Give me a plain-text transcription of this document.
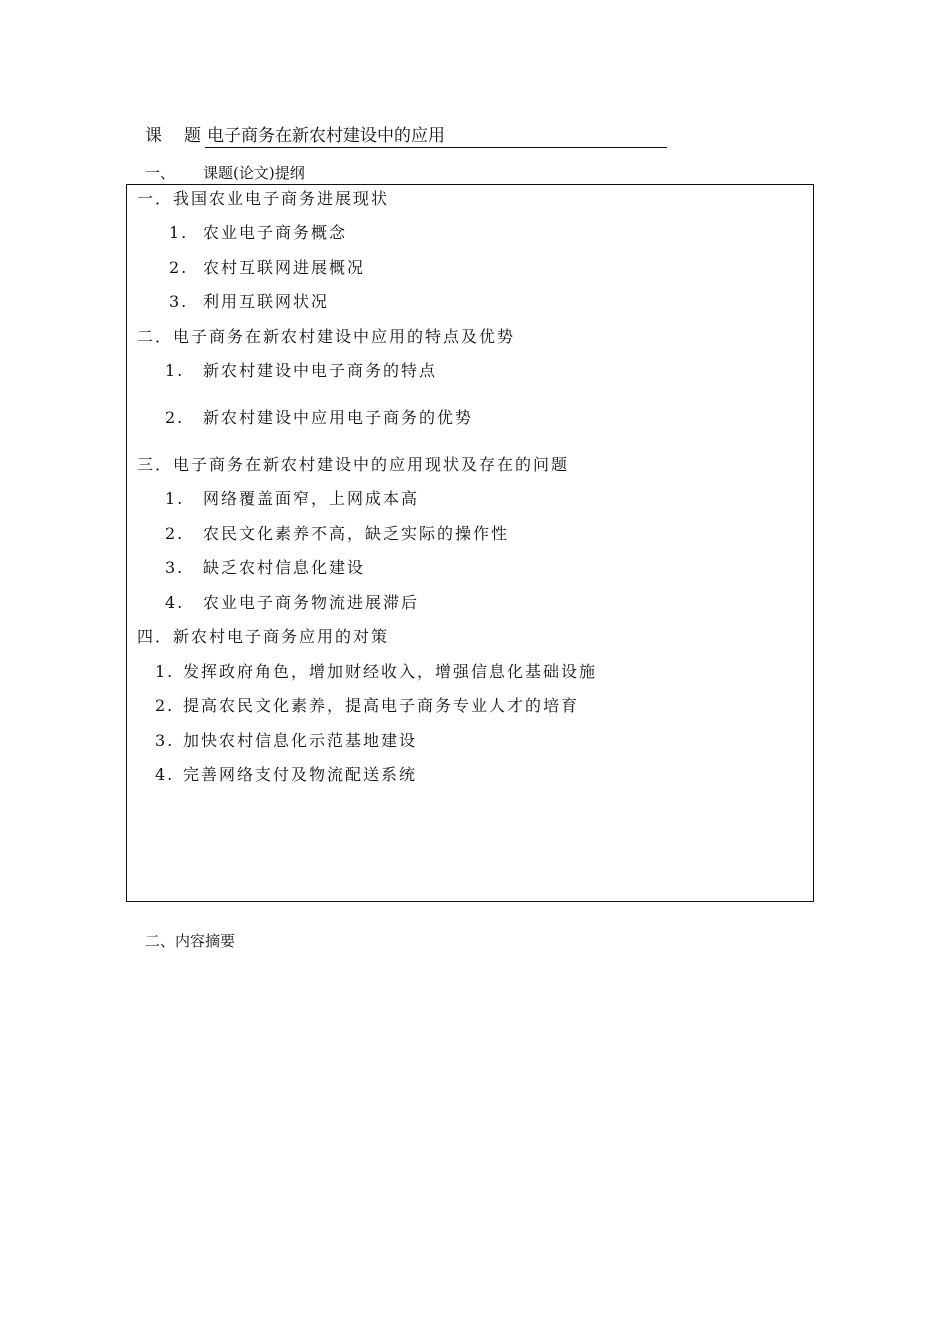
课 题 电子商务在新农村建设中的应用
一、 课题(论文)提纲
一．我国农业电子商务进展现状
1. 农业电子商务概念
2. 农村互联网进展概况
3. 利用互联网状况
二．电子商务在新农村建设中应用的特点及优势
1. 新农村建设中电子商务的特点
2. 新农村建设中应用电子商务的优势
三．电子商务在新农村建设中的应用现状及存在的问题
1. 网络覆盖面窄，上网成本高
2. 农民文化素养不高，缺乏实际的操作性
3. 缺乏农村信息化建设
4. 农业电子商务物流进展滞后
四．新农村电子商务应用的对策
1. 发挥政府角色，增加财经收入，增强信息化基础设施
2. 提高农民文化素养，提高电子商务专业人才的培育
3. 加快农村信息化示范基地建设
4. 完善网络支付及物流配送系统
二、内容摘要
